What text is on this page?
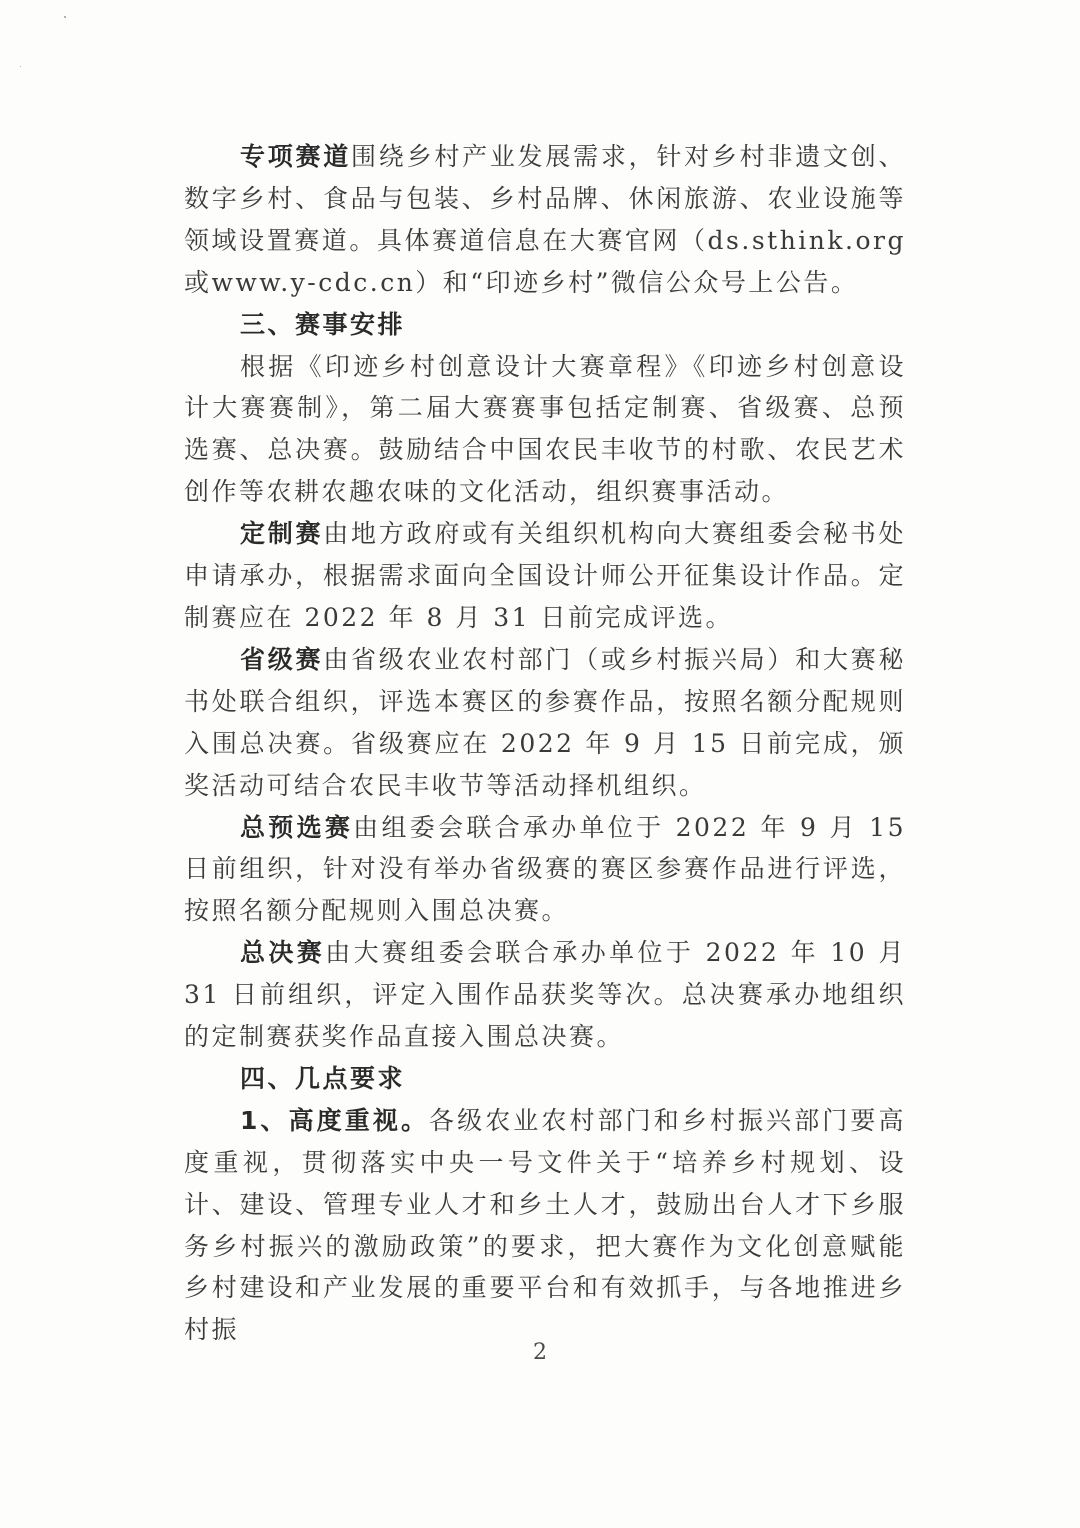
专项赛道围绕乡村产业发展需求，针对乡村非遗文创、数字乡村、食品与包装、乡村品牌、休闲旅游、农业设施等领域设置赛道。具体赛道信息在大赛官网（ds.sthink.org或www.y-cdc.cn）和“印迹乡村”微信公众号上公告。

三、赛事安排

根据《印迹乡村创意设计大赛章程》《印迹乡村创意设计大赛赛制》，第二届大赛赛事包括定制赛、省级赛、总预选赛、总决赛。鼓励结合中国农民丰收节的村歌、农民艺术创作等农耕农趣农味的文化活动，组织赛事活动。

定制赛由地方政府或有关组织机构向大赛组委会秘书处申请承办，根据需求面向全国设计师公开征集设计作品。定制赛应在 2022 年 8 月 31 日前完成评选。

省级赛由省级农业农村部门（或乡村振兴局）和大赛秘书处联合组织，评选本赛区的参赛作品，按照名额分配规则入围总决赛。省级赛应在 2022 年 9 月 15 日前完成，颁奖活动可结合农民丰收节等活动择机组织。

总预选赛由组委会联合承办单位于 2022 年 9 月 15 日前组织，针对没有举办省级赛的赛区参赛作品进行评选，按照名额分配规则入围总决赛。

总决赛由大赛组委会联合承办单位于 2022 年 10 月 31 日前组织，评定入围作品获奖等次。总决赛承办地组织的定制赛获奖作品直接入围总决赛。

四、几点要求

1、高度重视。各级农业农村部门和乡村振兴部门要高度重视，贯彻落实中央一号文件关于“培养乡村规划、设计、建设、管理专业人才和乡土人才，鼓励出台人才下乡服务乡村振兴的激励政策”的要求，把大赛作为文化创意赋能乡村建设和产业发展的重要平台和有效抓手，与各地推进乡村振

2
